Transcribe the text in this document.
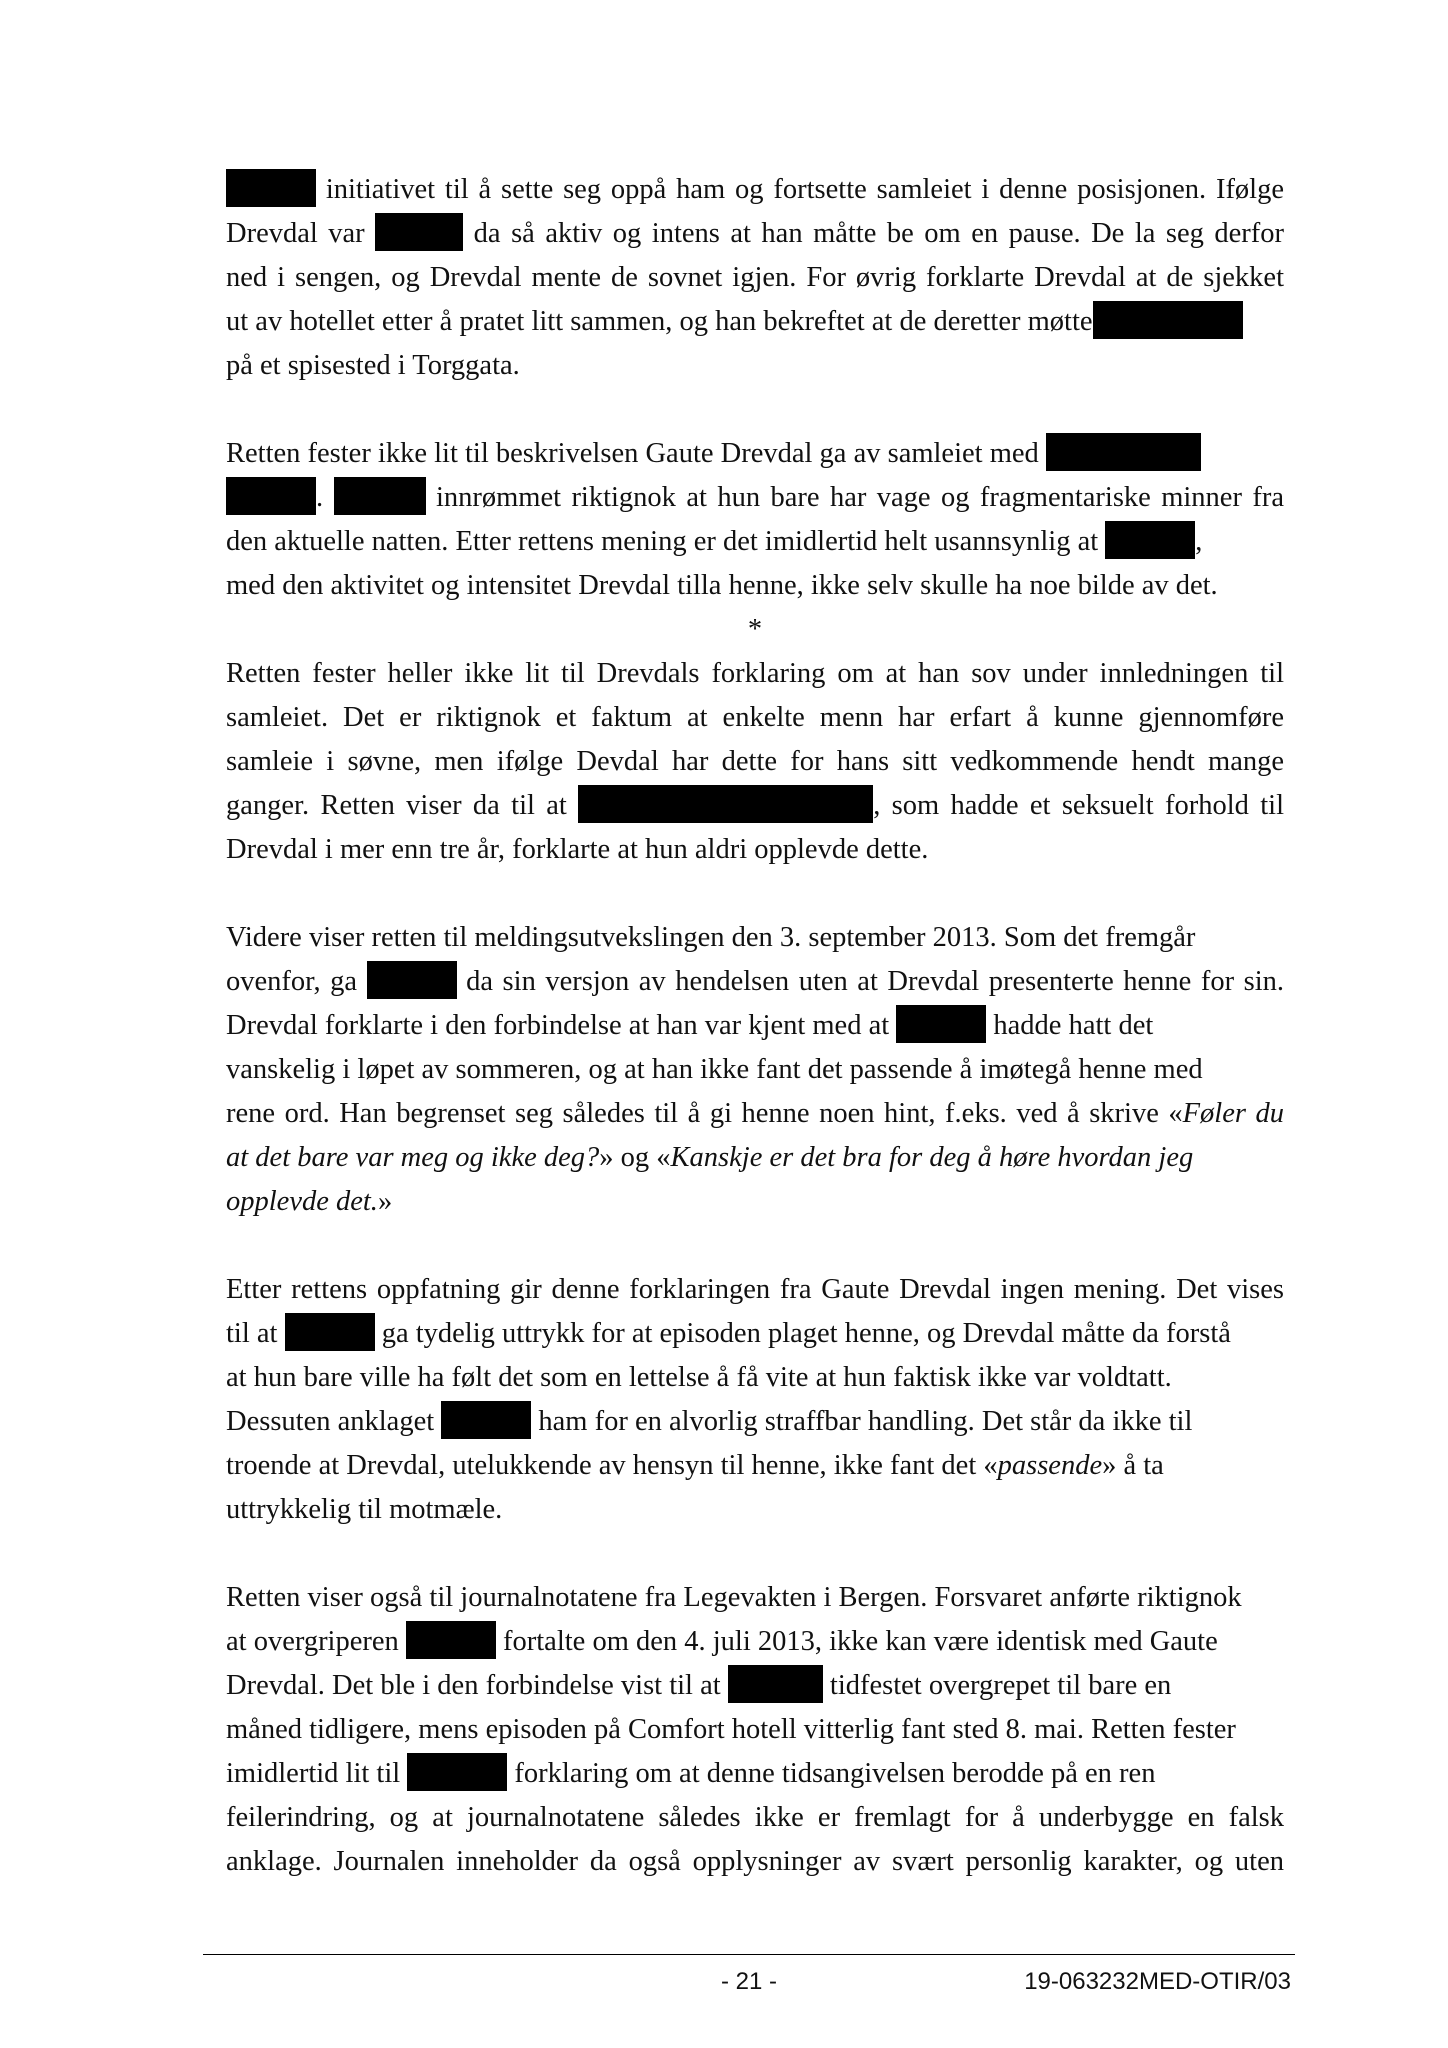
initiativet til å sette seg oppå ham og fortsette samleiet i denne posisjonen. Ifølge
Drevdal var	da så aktiv og intens at han måtte be om en pause. De la seg derfor
ned i sengen, og Drevdal mente de sovnet igjen. For øvrig forklarte Drevdal at de sjekket
ut av hotellet etter å pratet litt sammen, og han bekreftet at de deretter møtte
på et spisested i Torggata.
Retten fester ikke lit til beskrivelsen Gaute Drevdal ga av samleiet med
.	innrømmet riktignok at hun bare har vage og fragmentariske minner fra
den aktuelle natten. Etter rettens mening er det imidlertid helt usannsynlig at	,
med den aktivitet og intensitet Drevdal tilla henne, ikke selv skulle ha noe bilde av det.
*
Retten fester heller ikke lit til Drevdals forklaring om at han sov under innledningen til
samleiet. Det er riktignok et faktum at enkelte menn har erfart å kunne gjennomføre
samleie i søvne, men ifølge Devdal har dette for hans sitt vedkommende hendt mange
ganger. Retten viser da til at	, som hadde et seksuelt forhold til
Drevdal i mer enn tre år, forklarte at hun aldri opplevde dette.
Videre viser retten til meldingsutvekslingen den 3. september 2013. Som det fremgår
ovenfor, ga	da sin versjon av hendelsen uten at Drevdal presenterte henne for sin.
Drevdal forklarte i den forbindelse at han var kjent med at	hadde hatt det
vanskelig i løpet av sommeren, og at han ikke fant det passende å imøtegå henne med
rene ord. Han begrenset seg således til å gi henne noen hint, f.eks. ved å skrive «Føler du
at det bare var meg og ikke deg?» og «Kanskje er det bra for deg å høre hvordan jeg
opplevde det.»
Etter rettens oppfatning gir denne forklaringen fra Gaute Drevdal ingen mening. Det vises
til at	ga tydelig uttrykk for at episoden plaget henne, og Drevdal måtte da forstå
at hun bare ville ha følt det som en lettelse å få vite at hun faktisk ikke var voldtatt.
Dessuten anklaget	ham for en alvorlig straffbar handling. Det står da ikke til
troende at Drevdal, utelukkende av hensyn til henne, ikke fant det «passende» å ta
uttrykkelig til motmæle.
Retten viser også til journalnotatene fra Legevakten i Bergen. Forsvaret anførte riktignok
at overgriperen	fortalte om den 4. juli 2013, ikke kan være identisk med Gaute
Drevdal. Det ble i den forbindelse vist til at	tidfestet overgrepet til bare en
måned tidligere, mens episoden på Comfort hotell vitterlig fant sted 8. mai. Retten fester
imidlertid lit til	forklaring om at denne tidsangivelsen berodde på en ren
feilerindring, og at journalnotatene således ikke er fremlagt for å underbygge en falsk
anklage. Journalen inneholder da også opplysninger av svært personlig karakter, og uten
- 21 -	19-063232MED-OTIR/03
